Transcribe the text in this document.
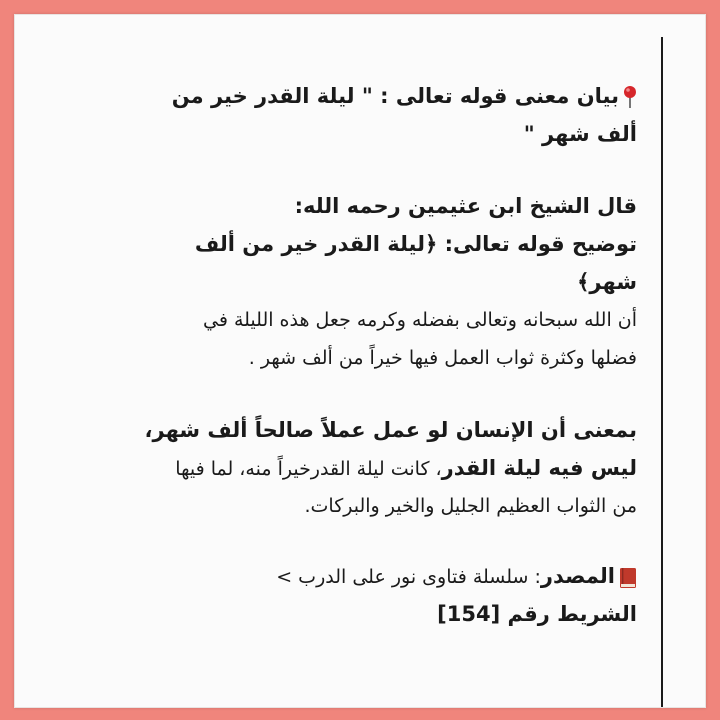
بيان معنى قوله تعالى : " ليلة القدر خير من
ألف شهر "
قال الشيخ ابن عثيمين رحمه الله:
توضيح قوله تعالى: ﴿ليلة القدر خير من ألف
شهر﴾
أن الله سبحانه وتعالى بفضله وكرمه جعل هذه الليلة في
فضلها وكثرة ثواب العمل فيها خيراً من ألف شهر .
بمعنى أن الإنسان لو عمل عملاً صالحاً ألف شهر،
ليس فيه ليلة القدر، كانت ليلة القدرخيراً منه، لما فيها
من الثواب العظيم الجليل والخير والبركات.
المصدر: سلسلة فتاوى نور على الدرب >
الشريط رقم [154]
